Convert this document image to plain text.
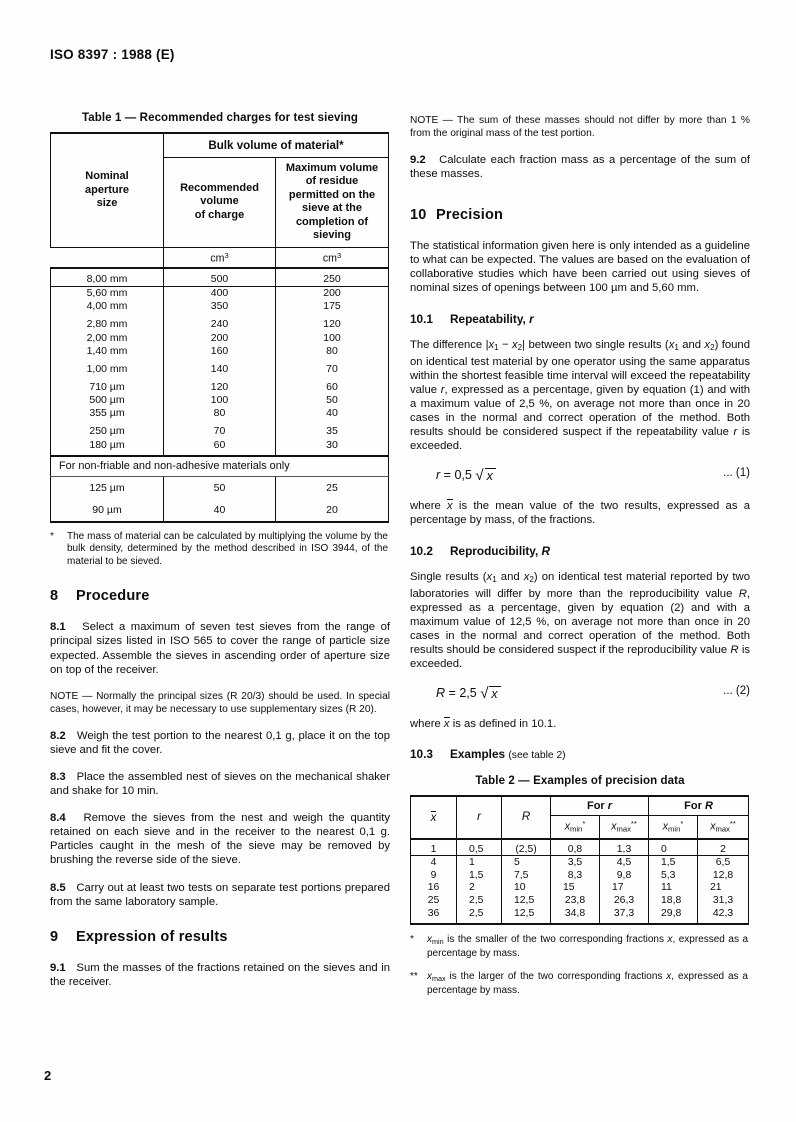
ISO 8397 : 1988 (E)
Table 1 — Recommended charges for test sieving
Nominal
aperture
size	Bulk volume of material*	

Recommended
volume
of charge

Maximum volume
of residue
permitted on the
sieve at the
completion of
sieving

	$cm^3$	$cm^3$
8,00 mm	500	250
5,60 mm	400	200
4,00 mm	350	175
2,80 mm	240	120
2,00 mm	200	100
1,40 mm	160	80
1,00 mm	140	70
710 µm	120	60
500 µm	100	50
355 µm	80	40
250 µm	70	35
180 µm	60	30
For non-friable and non-adhesive materials only		
125 µm	50	25
90 µm	40	20

* The mass of material can be calculated by multiplying the volume by the bulk density, determined by the method described in ISO 3944, of the material to be sieved.

8 Procedure

8.1 Select a maximum of seven test sieves from the range of principal sizes listed in ISO 565 to cover the range of particle size expected. Assemble the sieves in ascending order of aperture size on top of the receiver.

NOTE — Normally the principal sizes (R 20/3) should be used. In special cases, however, it may be necessary to use supplementary sizes (R 20).

8.2 Weigh the test portion to the nearest 0,1 g, place it on the top sieve and fit the cover.

8.3 Place the assembled nest of sieves on the mechanical shaker and shake for 10 min.

8.4 Remove the sieves from the nest and weigh the quantity retained on each sieve and in the receiver to the nearest 0,1 g. Particles caught in the mesh of the sieve may be removed by brushing the reverse side of the sieve.

8.5 Carry out at least two tests on separate test portions prepared from the same laboratory sample.

9 Expression of results

9.1 Sum the masses of the fractions retained on the sieves and in the receiver.

NOTE — The sum of these masses should not differ by more than 1 % from the original mass of the test portion.

9.2 Calculate each fraction mass as a percentage of the sum of these masses.

10 Precision

The statistical information given here is only intended as a guideline to what can be expected. The values are based on the evaluation of collaborative studies which have been carried out using sieves of nominal sizes of openings between 100 µm and 5,60 mm.

10.1 Repeatability, r

The difference $|x_1 - x_2|$ between two single results ($x_1$ and $x_2$) found on identical test material by one operator using the same apparatus within the shortest feasible time interval will exceed the repeatability value r, expressed as a percentage, given by equation (1) and with a maximum value of 2,5 %, on average not more than once in 20 cases in the normal and correct operation of the method. Both results should be considered suspect if the repeatability value r is exceeded.

r = 0,5 √ x	... (1)

where x is the mean value of the two results, expressed as a percentage by mass, of the fractions.

10.2 Reproducibility, R

Single results ($x_1$ and $x_2$) on identical test material reported by two laboratories will differ by more than the reproducibility value R, expressed as a percentage, given by equation (2) and with a maximum value of 12,5 %, on average not more than once in 20 cases in the normal and correct operation of the method. Both results should be considered suspect if the reproducibility value R is exceeded.

R = 2,5 √ x	... (2)

where x is as defined in 10.1.

10.3 Examples (see table 2)
Table 2 — Examples of precision data
x	r	R	For r		For R	
			$x_{min}^*$	$x_{max}^{**}$	$x_{min}^*$	$x_{max}^{**}$
1	0,5	(2,5)	0,8	1,3	0	2
4	1	5	3,5	4,5	1,5	6,5
9	1,5	7,5	8,3	9,8	5,3	12,8
16	2	10	15	17	11	21
25	2,5	12,5	23,8	26,3	18,8	31,3
36	2,5	12,5	34,8	37,3	29,8	42,3

* $x_{min}$ is the smaller of the two corresponding fractions x, expressed as a percentage by mass.

** $x_{max}$ is the larger of the two corresponding fractions x, expressed as a percentage by mass.

2
